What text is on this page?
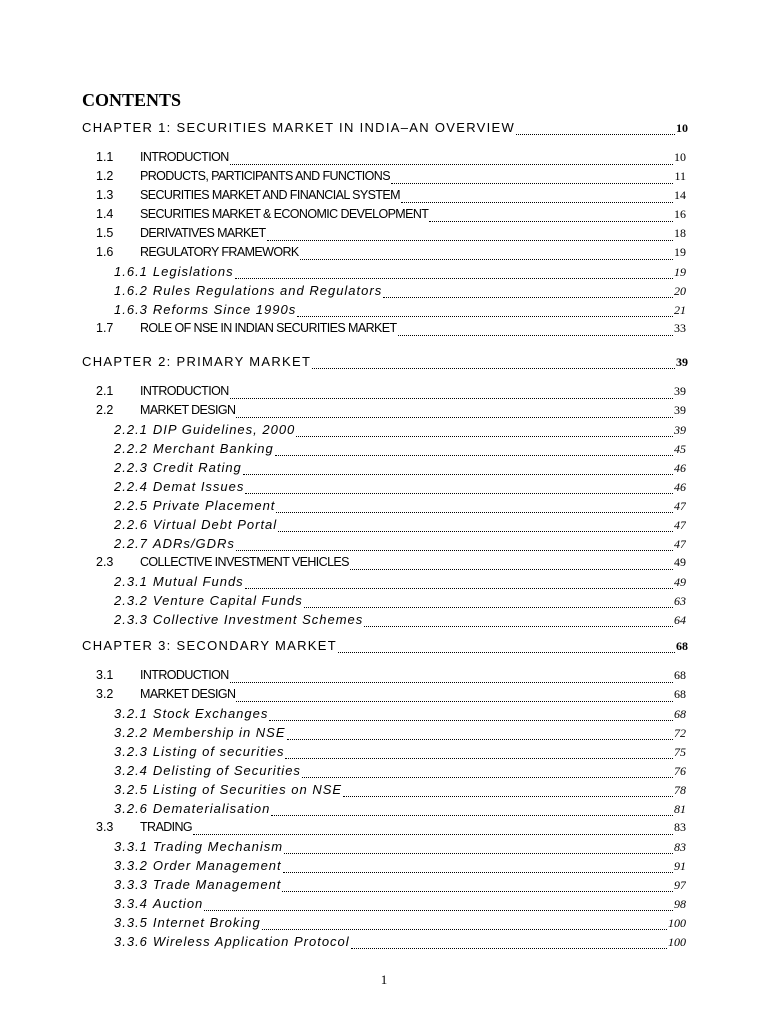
CONTENTS
CHAPTER 1: SECURITIES MARKET IN INDIA–AN OVERVIEW	10
1.1	INTRODUCTION	10
1.2	PRODUCTS, PARTICIPANTS AND FUNCTIONS	11
1.3	SECURITIES MARKET AND FINANCIAL SYSTEM	14
1.4	SECURITIES MARKET & ECONOMIC DEVELOPMENT	16
1.5	DERIVATIVES MARKET	18
1.6	REGULATORY FRAMEWORK	19
1.6.1 Legislations	19
1.6.2 Rules Regulations and Regulators	20
1.6.3 Reforms Since 1990s	21
1.7	ROLE OF NSE IN INDIAN SECURITIES MARKET	33
CHAPTER 2: PRIMARY MARKET	39
2.1	INTRODUCTION	39
2.2	MARKET DESIGN	39
2.2.1 DIP Guidelines, 2000	39
2.2.2 Merchant Banking	45
2.2.3 Credit Rating	46
2.2.4 Demat Issues	46
2.2.5 Private Placement	47
2.2.6 Virtual Debt Portal	47
2.2.7 ADRs/GDRs	47
2.3	COLLECTIVE INVESTMENT VEHICLES	49
2.3.1 Mutual Funds	49
2.3.2 Venture Capital Funds	63
2.3.3 Collective Investment Schemes	64
CHAPTER 3: SECONDARY MARKET	68
3.1	INTRODUCTION	68
3.2	MARKET DESIGN	68
3.2.1 Stock Exchanges	68
3.2.2 Membership in NSE	72
3.2.3 Listing of securities	75
3.2.4 Delisting of Securities	76
3.2.5 Listing of Securities on NSE	78
3.2.6 Dematerialisation	81
3.3	TRADING	83
3.3.1 Trading Mechanism	83
3.3.2 Order Management	91
3.3.3 Trade Management	97
3.3.4 Auction	98
3.3.5 Internet Broking	100
3.3.6 Wireless Application Protocol	100
1
